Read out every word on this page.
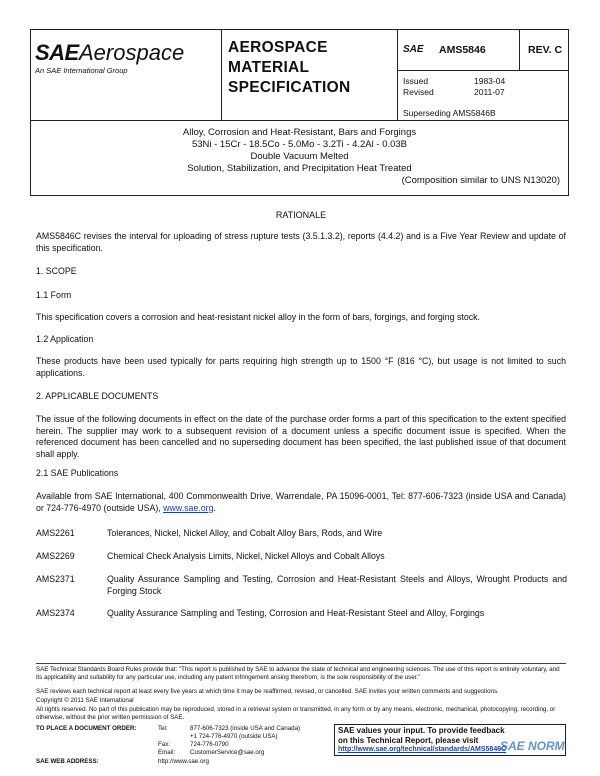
SAE Aerospace
An SAE International Group
AEROSPACE
MATERIAL
SPECIFICATION
SAE AMS5846	REV. C
Issued	1983-04
Revised	2011-07
Superseding AMS5846B
Alloy, Corrosion and Heat-Resistant, Bars and Forgings
53Ni - 15Cr - 18.5Co - 5.0Mo - 3.2Ti - 4.2Al - 0.03B
Double Vacuum Melted
Solution, Stabilization, and Precipitation Heat Treated
(Composition similar to UNS N13020)
RATIONALE
AMS5846C revises the interval for uploading of stress rupture tests (3.5.1.3.2), reports (4.4.2) and is a Five Year Review and update of this specification.
1. SCOPE
1.1 Form
This specification covers a corrosion and heat-resistant nickel alloy in the form of bars, forgings, and forging stock.
1.2 Application
These products have been used typically for parts requiring high strength up to 1500 °F (816 °C), but usage is not limited to such applications.
2. APPLICABLE DOCUMENTS
The issue of the following documents in effect on the date of the purchase order forms a part of this specification to the extent specified herein. The supplier may work to a subsequent revision of a document unless a specific document issue is specified. When the referenced document has been cancelled and no superseding document has been specified, the last published issue of that document shall apply.
2.1 SAE Publications
Available from SAE International, 400 Commonwealth Drive, Warrendale, PA 15096-0001, Tel: 877-606-7323 (inside USA and Canada) or 724-776-4970 (outside USA), www.sae.org.
AMS2261	Tolerances, Nickel, Nickel Alloy, and Cobalt Alloy Bars, Rods, and Wire
AMS2269	Chemical Check Analysis Limits, Nickel, Nickel Alloys and Cobalt Alloys
AMS2371	Quality Assurance Sampling and Testing, Corrosion and Heat-Resistant Steels and Alloys, Wrought Products and Forging Stock
AMS2374	Quality Assurance Sampling and Testing, Corrosion and Heat-Resistant Steel and Alloy, Forgings
SAE Technical Standards Board Rules provide that: "This report is published by SAE to advance the state of technical and engineering sciences. The use of this report is entirely voluntary, and its applicability and suitability for any particular use, including any patent infringement arising therefrom, is the sole responsibility of the user."
SAE reviews each technical report at least every five years at which time it may be reaffirmed, revised, or cancelled. SAE invites your written comments and suggestions.
Copyright © 2011 SAE International
All rights reserved. No part of this publication may be reproduced, stored in a retrieval system or transmitted, in any form or by any means, electronic, mechanical, photocopying, recording, or otherwise, without the prior written permission of SAE.
TO PLACE A DOCUMENT ORDER:	Tel:	877-606-7323 (inside USA and Canada)
+1 724-776-4970 (outside USA)
Fax:	724-776-0790
Email: CustomerService@sae.org
SAE WEB ADDRESS:	http://www.sae.org
SAE values your input. To provide feedback
on this Technical Report, please visit
http://www.sae.org/technical/standards/AMS5846C
SAE NORM
